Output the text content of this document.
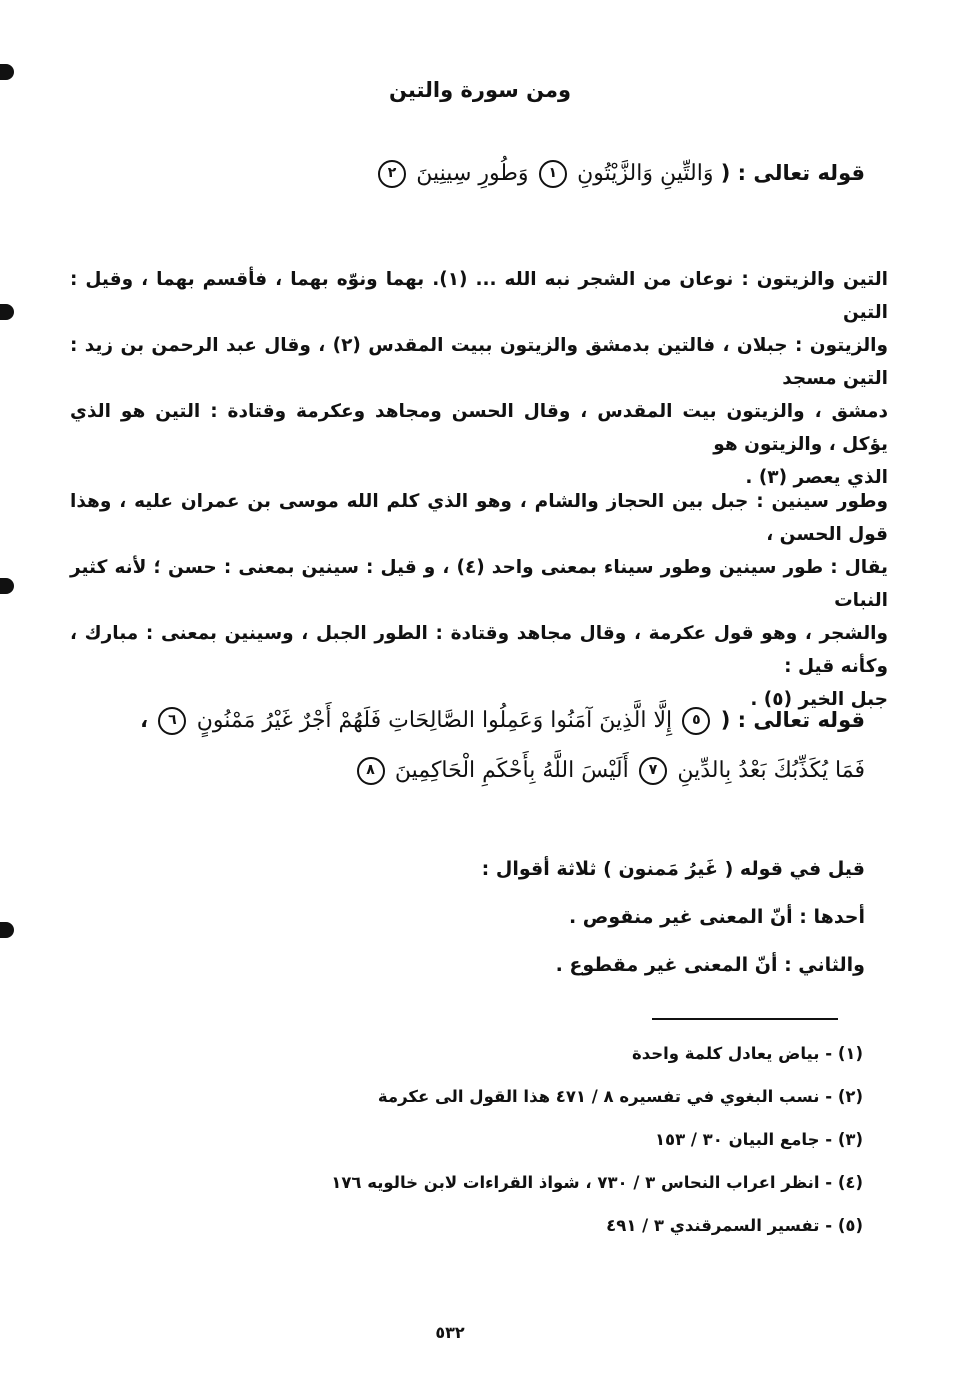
ومن سورة والتين
قوله تعالى : ( وَالتِّينِ وَالزَّيْتُونِ ١ وَطُورِ سِينِينَ ٢

التين والزيتون : نوعان من الشجر نبه الله ... (١). بهما ونوّه بهما ، فأقسم بهما ، وقيل : التين

والزيتون : جبلان ، فالتين بدمشق والزيتون ببيت المقدس (٢) ، وقال عبد الرحمن بن زيد : التين مسجد

دمشق ، والزيتون بيت المقدس ، وقال الحسن ومجاهد وعكرمة وقتادة : التين هو الذي يؤكل ، والزيتون هو

الذي يعصر (٣) .

وطور سينين : جبل بين الحجاز والشام ، وهو الذي كلم الله موسى بن عمران عليه ، وهذا قول الحسن ،

يقال : طور سينين وطور سيناء بمعنى واحد (٤) ، و قيل : سينين بمعنى : حسن ؛ لأنه كثير النبات

والشجر ، وهو قول عكرمة ، وقال مجاهد وقتادة : الطور الجبل ، وسينين بمعنى : مبارك ، وكأنه قيل :

جبل الخير (٥) .

قوله تعالى : ( ٥ إِلَّا الَّذِينَ آمَنُوا وَعَمِلُوا الصَّالِحَاتِ فَلَهُمْ أَجْرٌ غَيْرُ مَمْنُونٍ ٦ ،
فَمَا يُكَذِّبُكَ بَعْدُ بِالدِّينِ ٧ أَلَيْسَ اللَّهُ بِأَحْكَمِ الْحَاكِمِينَ ٨
قيل في قوله ( غَيرُ مَمنون ) ثلاثة أقوال :
أحدها : أنّ المعنى غير منقوص .
والثاني : أنّ المعنى غير مقطوع .
(١) - بياض يعادل كلمة واحدة
(٢) - نسب البغوي في تفسيره ٨ / ٤٧١ هذا القول الى عكرمة
(٣) - جامع البيان ٣٠ / ١٥٣
(٤) - انظر اعراب النحاس ٣ / ٧٣٠ ، شواذ القراءات لابن خالويه ١٧٦
(٥) - تفسير السمرقندي ٣ / ٤٩١
٥٣٢
